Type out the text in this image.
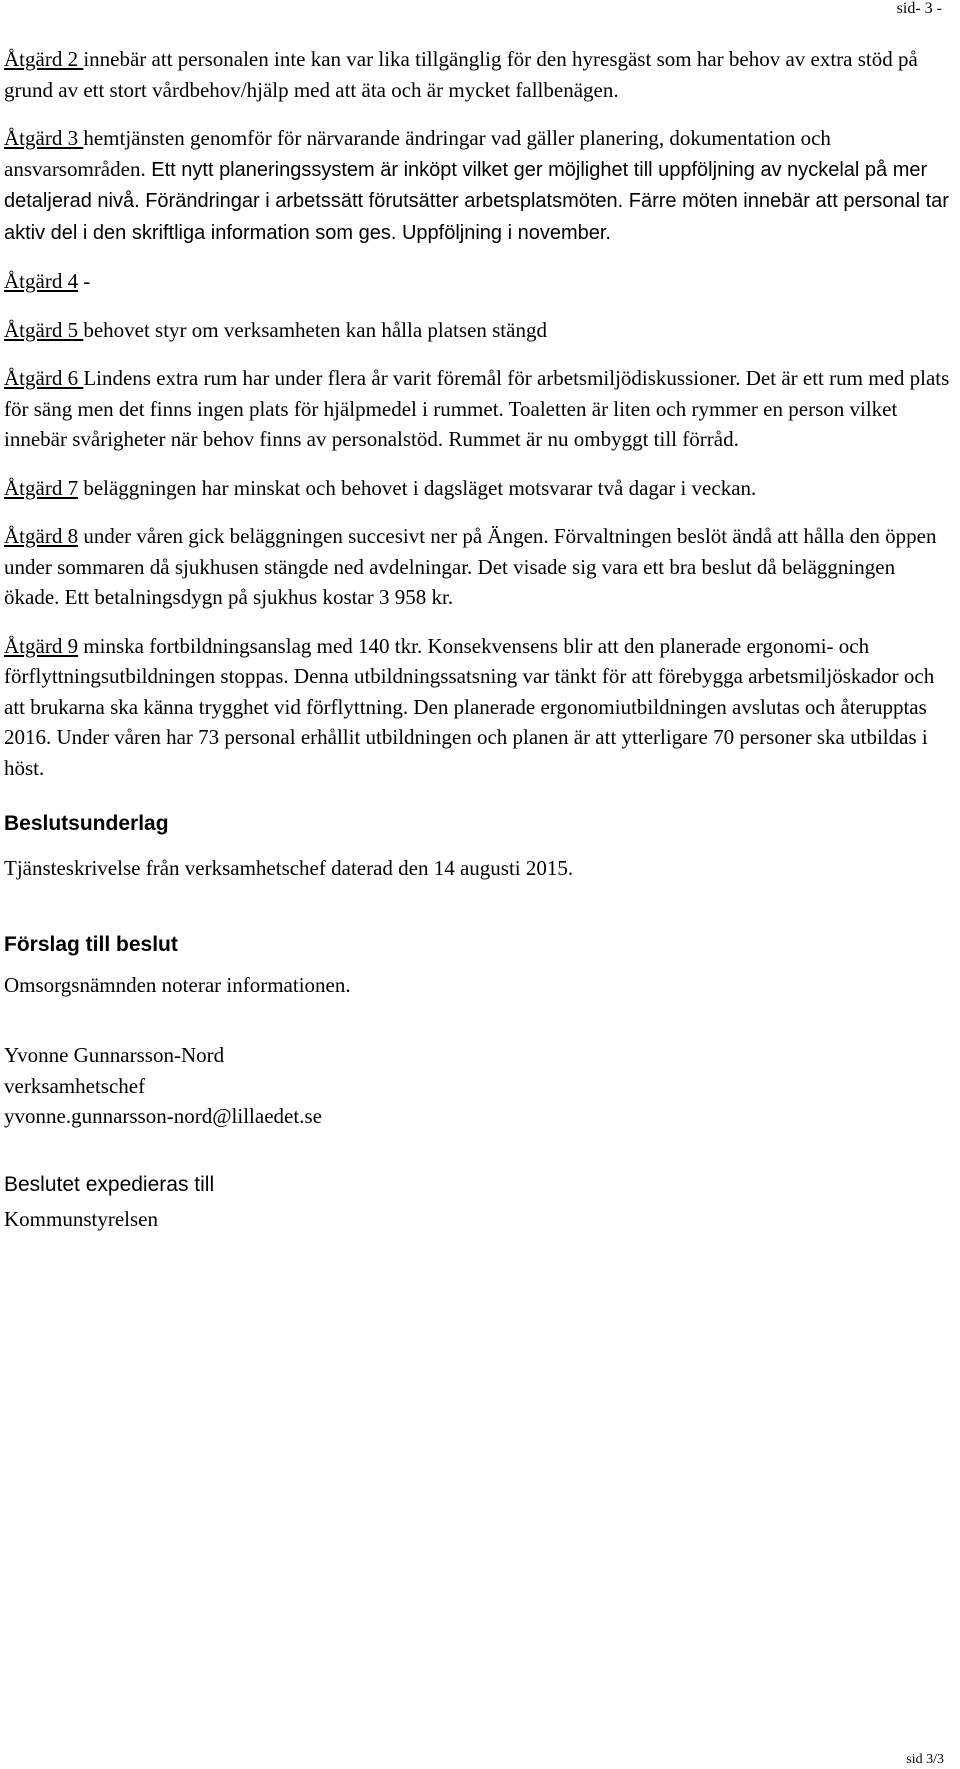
sid- 3 -

Åtgärd 2 innebär att personalen inte kan var lika tillgänglig för den hyresgäst som har behov av extra stöd på grund av ett stort vårdbehov/hjälp med att äta och är mycket fallbenägen.

Åtgärd 3 hemtjänsten genomför för närvarande ändringar vad gäller planering, dokumentation och ansvarsområden. Ett nytt planeringssystem är inköpt vilket ger möjlighet till uppföljning av nyckelal på mer detaljerad nivå. Förändringar i arbetssätt förutsätter arbetsplatsmöten. Färre möten innebär att personal tar aktiv del i den skriftliga information som ges. Uppföljning i november.

Åtgärd 4 -

Åtgärd 5 behovet styr om verksamheten kan hålla platsen stängd

Åtgärd 6 Lindens extra rum har under flera år varit föremål för arbetsmiljödiskussioner. Det är ett rum med plats för säng men det finns ingen plats för hjälpmedel i rummet. Toaletten är liten och rymmer en person vilket innebär svårigheter när behov finns av personalstöd. Rummet är nu ombyggt till förråd.

Åtgärd 7 beläggningen har minskat och behovet i dagsläget motsvarar två dagar i veckan.

Åtgärd 8 under våren gick beläggningen succesivt ner på Ängen. Förvaltningen beslöt ändå att hålla den öppen under sommaren då sjukhusen stängde ned avdelningar. Det visade sig vara ett bra beslut då beläggningen ökade. Ett betalningsdygn på sjukhus kostar 3 958 kr.

Åtgärd 9 minska fortbildningsanslag med 140 tkr. Konsekvensens blir att den planerade ergonomi- och förflyttningsutbildningen stoppas. Denna utbildningssatsning var tänkt för att förebygga arbetsmiljöskador och att brukarna ska känna trygghet vid förflyttning. Den planerade ergonomiutbildningen avslutas och återupptas 2016. Under våren har 73 personal erhållit utbildningen och planen är att ytterligare 70 personer ska utbildas i höst.

Beslutsunderlag

Tjänsteskrivelse från verksamhetschef daterad den 14 augusti 2015.

Förslag till beslut

Omsorgsnämnden noterar informationen.

Yvonne Gunnarsson-Nord

verksamhetschef

yvonne.gunnarsson-nord@lillaedet.se

Beslutet expedieras till

Kommunstyrelsen

sid 3/3
